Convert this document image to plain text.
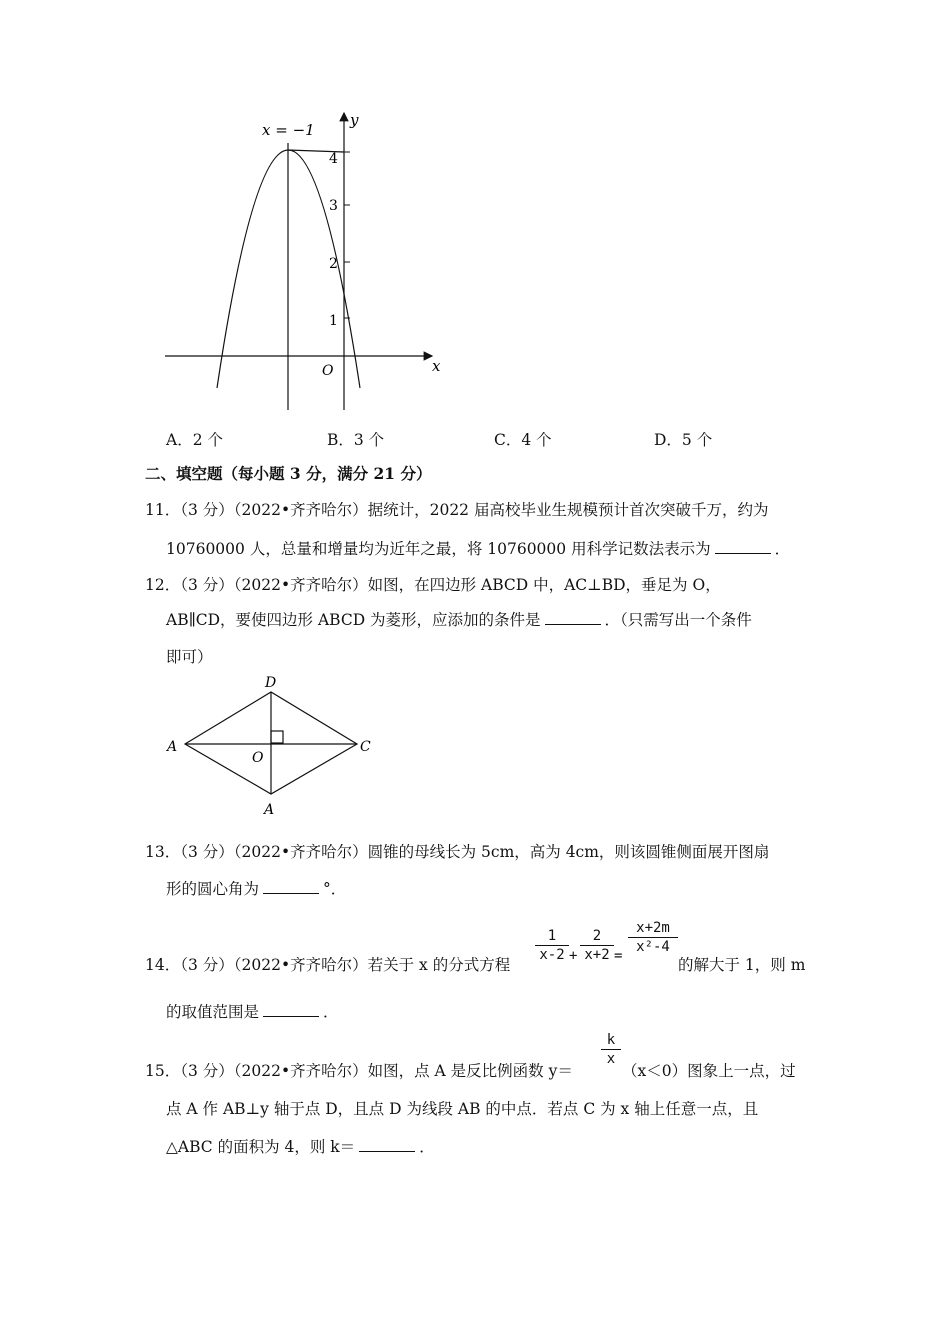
y
x
x = −1
O
4
3
2
1
A．2 个	B．3 个	C．4 个	D．5 个
二、填空题（每小题 3 分，满分 21 分）
11．（3 分）（2022•齐齐哈尔）据统计，2022 届高校毕业生规模预计首次突破千万，约为
10760000 人，总量和增量均为近年之最，将 10760000 用科学记数法表示为	．
12．（3 分）（2022•齐齐哈尔）如图，在四边形 ABCD 中，AC⊥BD，垂足为 O，
AB∥CD，要使四边形 ABCD 为菱形，应添加的条件是	．（只需写出一个条件
即可）
D
A	C
O
A
13．（3 分）（2022•齐齐哈尔）圆锥的母线长为 5cm，高为 4cm，则该圆锥侧面展开图扇
形的圆心角为	°．
14．（3 分）（2022•齐齐哈尔）若关于 x 的分式方程
1
x-2 +
2
x+2 =
x+2m
x²-4
的解大于 1，则 m
的取值范围是	．
15．（3 分）（2022•齐齐哈尔）如图，点 A 是反比例函数 y＝
k
x
（x＜0）图象上一点，过
点 A 作 AB⊥y 轴于点 D，且点 D 为线段 AB 的中点．若点 C 为 x 轴上任意一点，且
△ABC 的面积为 4，则 k＝	．
